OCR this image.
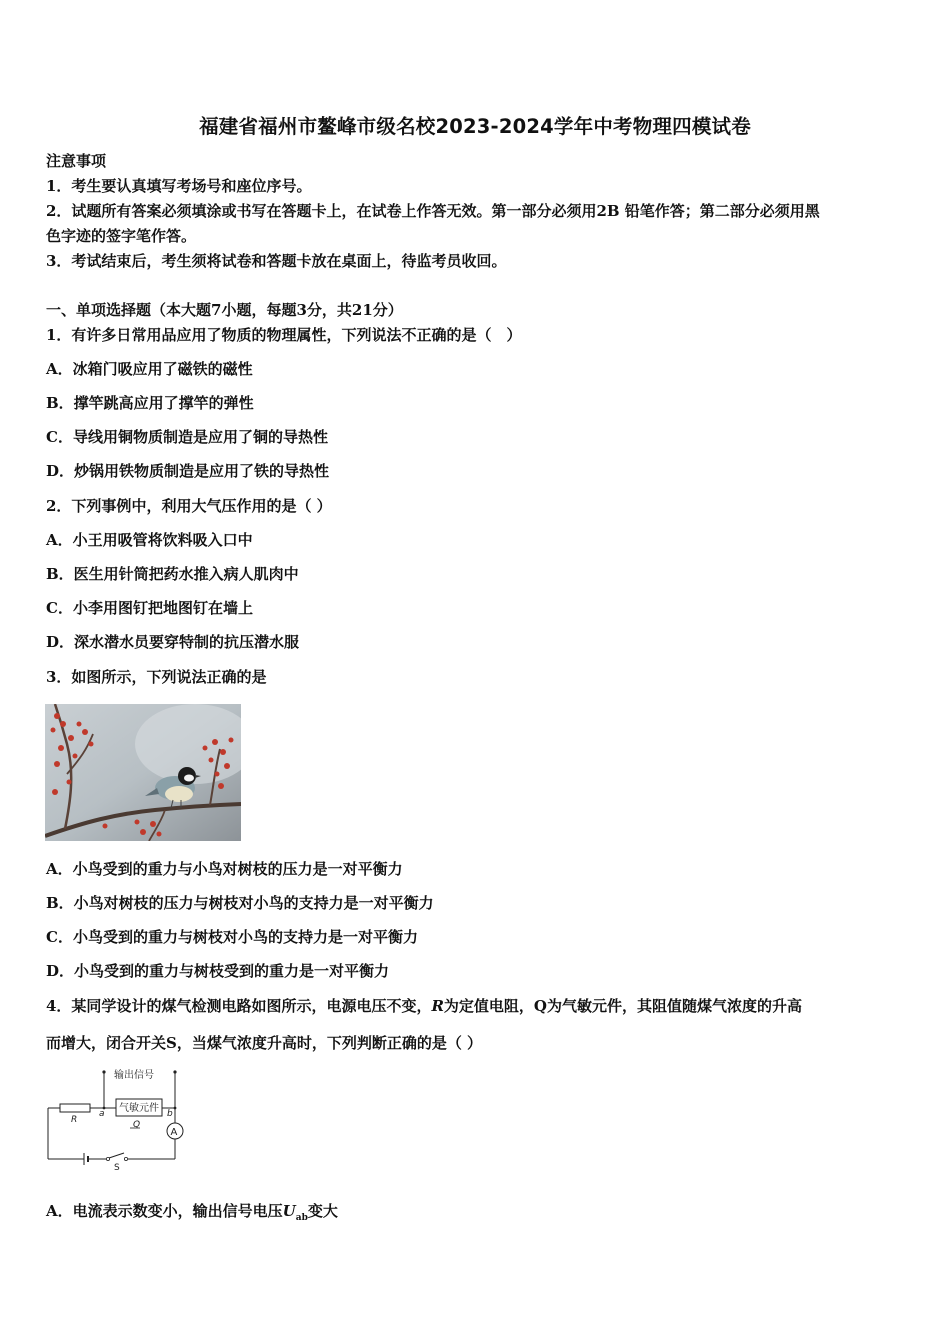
福建省福州市鳌峰市级名校2023-2024学年中考物理四模试卷
注意事项
1．考生要认真填写考场号和座位序号。
2．试题所有答案必须填涂或书写在答题卡上，在试卷上作答无效。第一部分必须用2B 铅笔作答；第二部分必须用黑
色字迹的签字笔作答。
3．考试结束后，考生须将试卷和答题卡放在桌面上，待监考员收回。
一、单项选择题（本大题7小题，每题3分，共21分）
1．有许多日常用品应用了物质的物理属性，下列说法不正确的是（　）
A．冰箱门吸应用了磁铁的磁性
B．撑竿跳高应用了撑竿的弹性
C．导线用铜物质制造是应用了铜的导热性
D．炒锅用铁物质制造是应用了铁的导热性
2．下列事例中，利用大气压作用的是（ ）
A．小王用吸管将饮料吸入口中
B．医生用针筒把药水推入病人肌肉中
C．小李用图钉把地图钉在墙上
D．深水潜水员要穿特制的抗压潜水服
3．如图所示，下列说法正确的是
A．小鸟受到的重力与小鸟对树枝的压力是一对平衡力
B．小鸟对树枝的压力与树枝对小鸟的支持力是一对平衡力
C．小鸟受到的重力与树枝对小鸟的支持力是一对平衡力
D．小鸟受到的重力与树枝受到的重力是一对平衡力
4．某同学设计的煤气检测电路如图所示，电源电压不变，R为定值电阻，Q为气敏元件，其阻值随煤气浓度的升高
而增大，闭合开关S，当煤气浓度升高时，下列判断正确的是（ ）
输出信号
气敏元件
R
a	b
Q
A
S
A．电流表示数变小，输出信号电压$U_{ab}$变大
